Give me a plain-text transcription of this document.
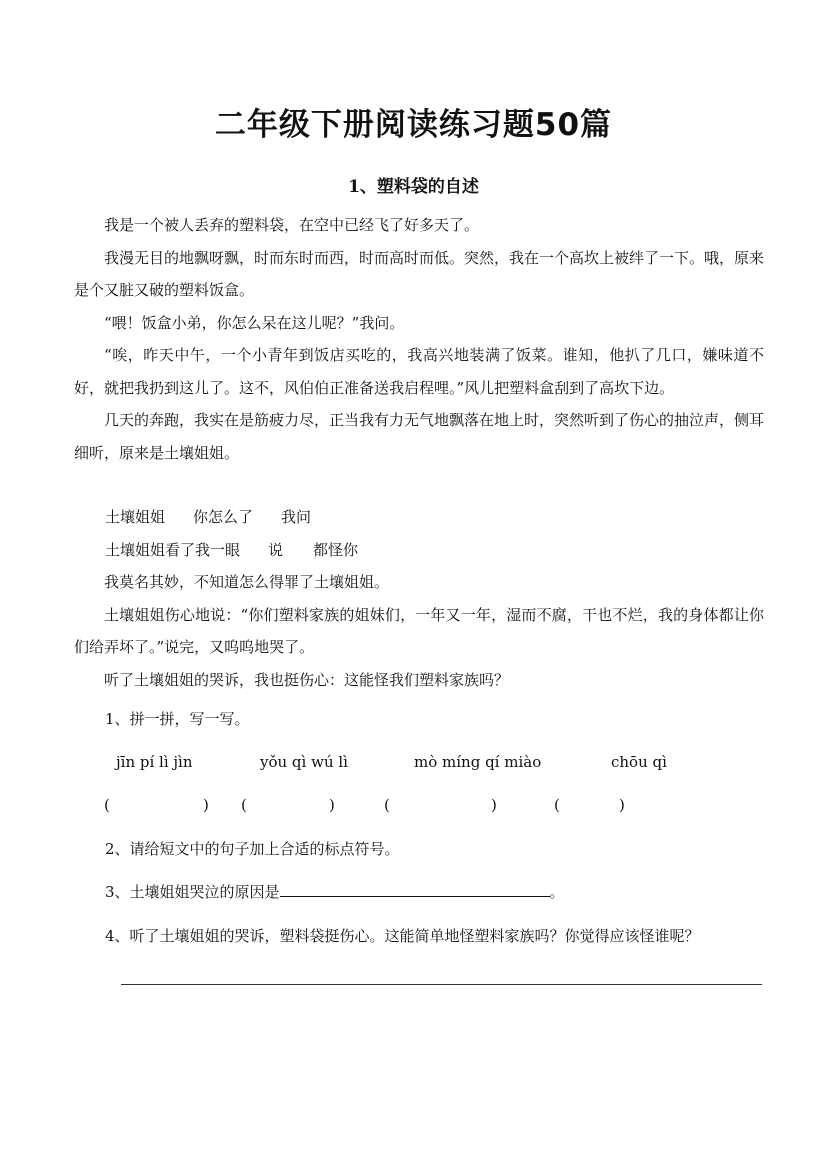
二年级下册阅读练习题50篇
1、塑料袋的自述

我是一个被人丢弃的塑料袋，在空中已经飞了好多天了。

我漫无目的地飘呀飘，时而东时而西，时而高时而低。突然，我在一个高坎上被绊了一下。哦，原来是个又脏又破的塑料饭盒。

“喂！饭盒小弟，你怎么呆在这儿呢？”我问。

“唉，昨天中午，一个小青年到饭店买吃的，我高兴地装满了饭菜。谁知，他扒了几口，嫌味道不好，就把我扔到这儿了。这不，风伯伯正准备送我启程哩。”风儿把塑料盒刮到了高坎下边。

几天的奔跑，我实在是筋疲力尽，正当我有力无气地飘落在地上时，突然听到了伤心的抽泣声，侧耳细听，原来是土壤姐姐。

土壤姐姐 你怎么了 我问
土壤姐姐看了我一眼 说 都怪你

我莫名其妙，不知道怎么得罪了土壤姐姐。

土壤姐姐伤心地说：“你们塑料家族的姐妹们，一年又一年，湿而不腐，干也不烂，我的身体都让你们给弄坏了。”说完，又呜呜地哭了。

听了土壤姐姐的哭诉，我也挺伤心：这能怪我们塑料家族吗？

1、拼一拼，写一写。
jīn pí lì jìn	yǒu qì wú lì	mò míng qí miào	chōu qì
(	) (	)	(	)	(	)
2、请给短文中的句子加上合适的标点符号。
3、土壤姐姐哭泣的原因是	。
4、听了土壤姐姐的哭诉，塑料袋挺伤心。这能简单地怪塑料家族吗？你觉得应该怪谁呢？
